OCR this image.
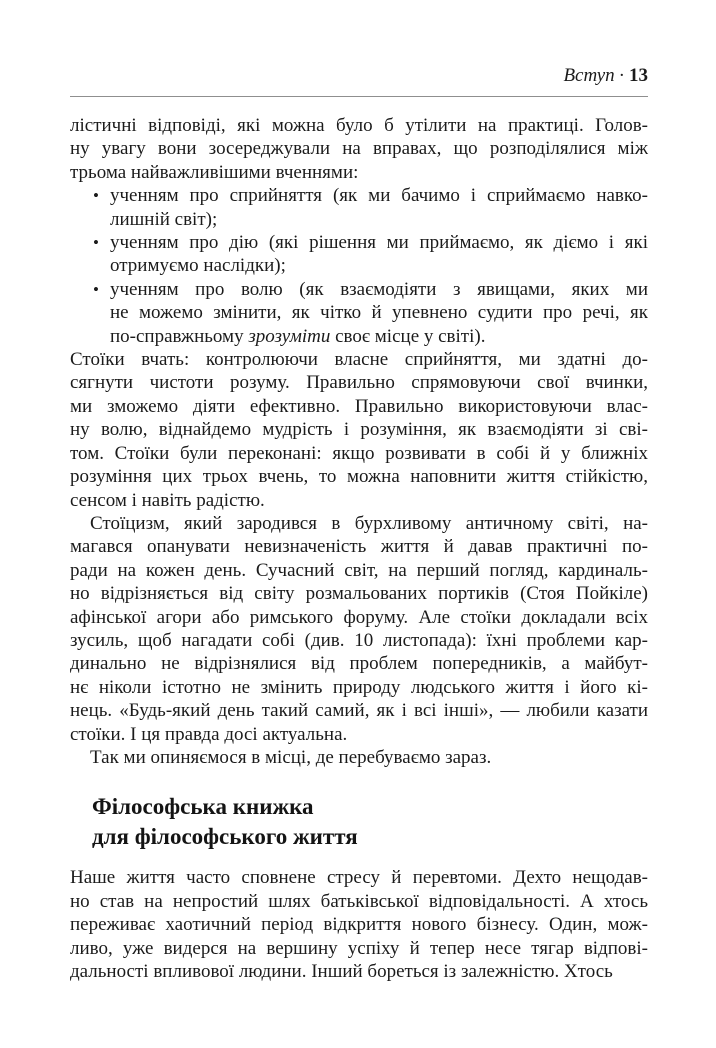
Вступ · 13
лістичні відповіді, які можна було б утілити на практиці. Голов-
ну увагу вони зосереджували на вправах, що розподілялися між
трьома найважливішими вченнями:
• ученням про сприйняття (як ми бачимо і сприймаємо навко-
лишній світ);
• ученням про дію (які рішення ми приймаємо, як діємо і які
отримуємо наслідки);
• ученням про волю (як взаємодіяти з явищами, яких ми
не можемо змінити, як чітко й упевнено судити про речі, як
по-справжньому зрозуміти своє місце у світі).
Стоїки вчать: контролюючи власне сприйняття, ми здатні до-
сягнути чистоти розуму. Правильно спрямовуючи свої вчинки,
ми зможемо діяти ефективно. Правильно використовуючи влас-
ну волю, віднайдемо мудрість і розуміння, як взаємодіяти зі сві-
том. Стоїки були переконані: якщо розвивати в собі й у ближніх
розуміння цих трьох вчень, то можна наповнити життя стійкістю,
сенсом і навіть радістю.
Стоїцизм, який зародився в бурхливому античному світі, на-
магався опанувати невизначеність життя й давав практичні по-
ради на кожен день. Сучасний світ, на перший погляд, кардиналь-
но відрізняється від світу розмальованих портиків (Стоя Пойкіле)
афінської агори або римського форуму. Але стоїки докладали всіх
зусиль, щоб нагадати собі (див. 10 листопада): їхні проблеми кар-
динально не відрізнялися від проблем попередників, а майбут-
нє ніколи істотно не змінить природу людського життя і його кі-
нець. «Будь-який день такий самий, як і всі інші», — любили казати
стоїки. І ця правда досі актуальна.
Так ми опиняємося в місці, де перебуваємо зараз.
Філософська книжка
для філософського життя
Наше життя часто сповнене стресу й перевтоми. Дехто нещодав-
но став на непростий шлях батьківської відповідальності. А хтось
переживає хаотичний період відкриття нового бізнесу. Один, мож-
ливо, уже видерся на вершину успіху й тепер несе тягар відпові-
дальності впливової людини. Інший бореться із залежністю. Хтось
